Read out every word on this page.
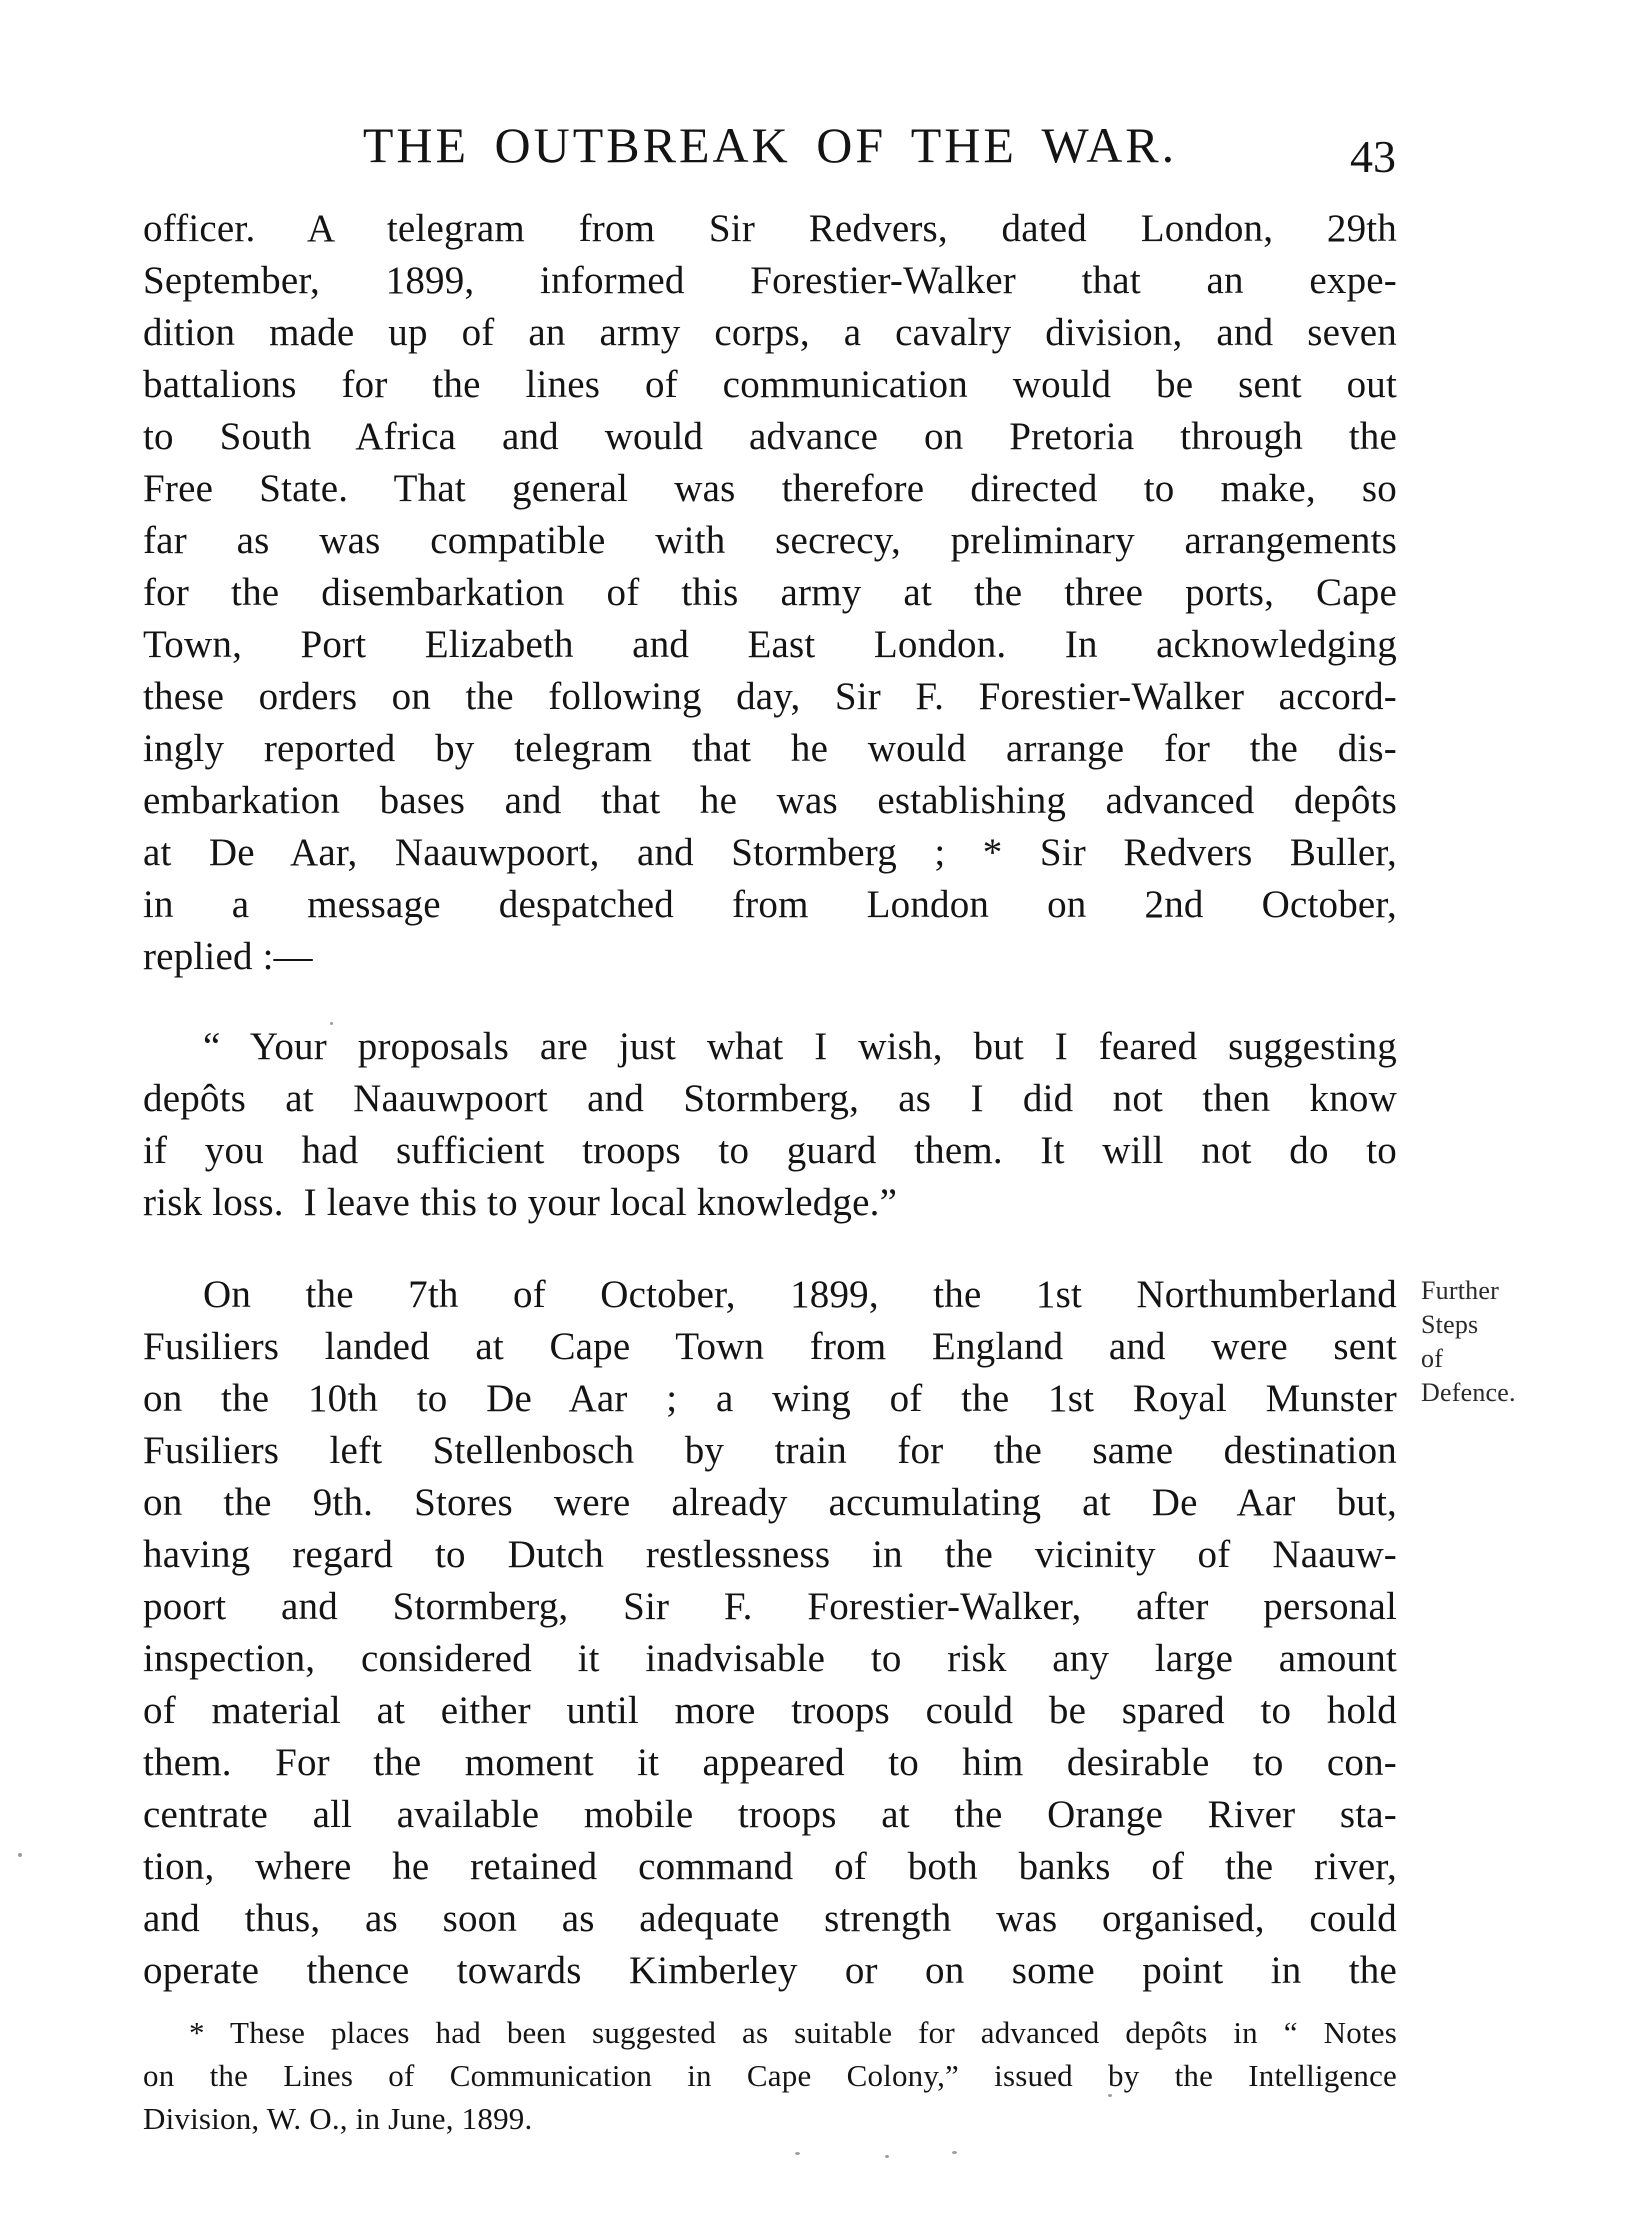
THE OUTBREAK OF THE WAR.	43
officer. A telegram from Sir Redvers, dated London, 29th
September, 1899, informed Forestier-Walker that an expe-
dition made up of an army corps, a cavalry division, and seven
battalions for the lines of communication would be sent out
to South Africa and would advance on Pretoria through the
Free State. That general was therefore directed to make, so
far as was compatible with secrecy, preliminary arrangements
for the disembarkation of this army at the three ports, Cape
Town, Port Elizabeth and East London. In acknowledging
these orders on the following day, Sir F. Forestier-Walker accord-
ingly reported by telegram that he would arrange for the dis-
embarkation bases and that he was establishing advanced depôts
at De Aar, Naauwpoort, and Stormberg ; * Sir Redvers Buller,
in a message despatched from London on 2nd October,
replied :—
“ Your proposals are just what I wish, but I feared suggesting
depôts at Naauwpoort and Stormberg, as I did not then know
if you had sufficient troops to guard them. It will not do to
risk loss.  I leave this to your local knowledge.”
On the 7th of October, 1899, the 1st Northumberland
Fusiliers landed at Cape Town from England and were sent
on the 10th to De Aar ; a wing of the 1st Royal Munster
Fusiliers left Stellenbosch by train for the same destination
on the 9th. Stores were already accumulating at De Aar but,
having regard to Dutch restlessness in the vicinity of Naauw-
poort and Stormberg, Sir F. Forestier-Walker, after personal
inspection, considered it inadvisable to risk any large amount
of material at either until more troops could be spared to hold
them. For the moment it appeared to him desirable to con-
centrate all available mobile troops at the Orange River sta-
tion, where he retained command of both banks of the river,
and thus, as soon as adequate strength was organised, could
operate thence towards Kimberley or on some point in the
Further
Steps
of
Defence.
* These places had been suggested as suitable for advanced depôts in “ Notes
on the Lines of Communication in Cape Colony,” issued by the Intelligence
Division, W. O., in June, 1899.
